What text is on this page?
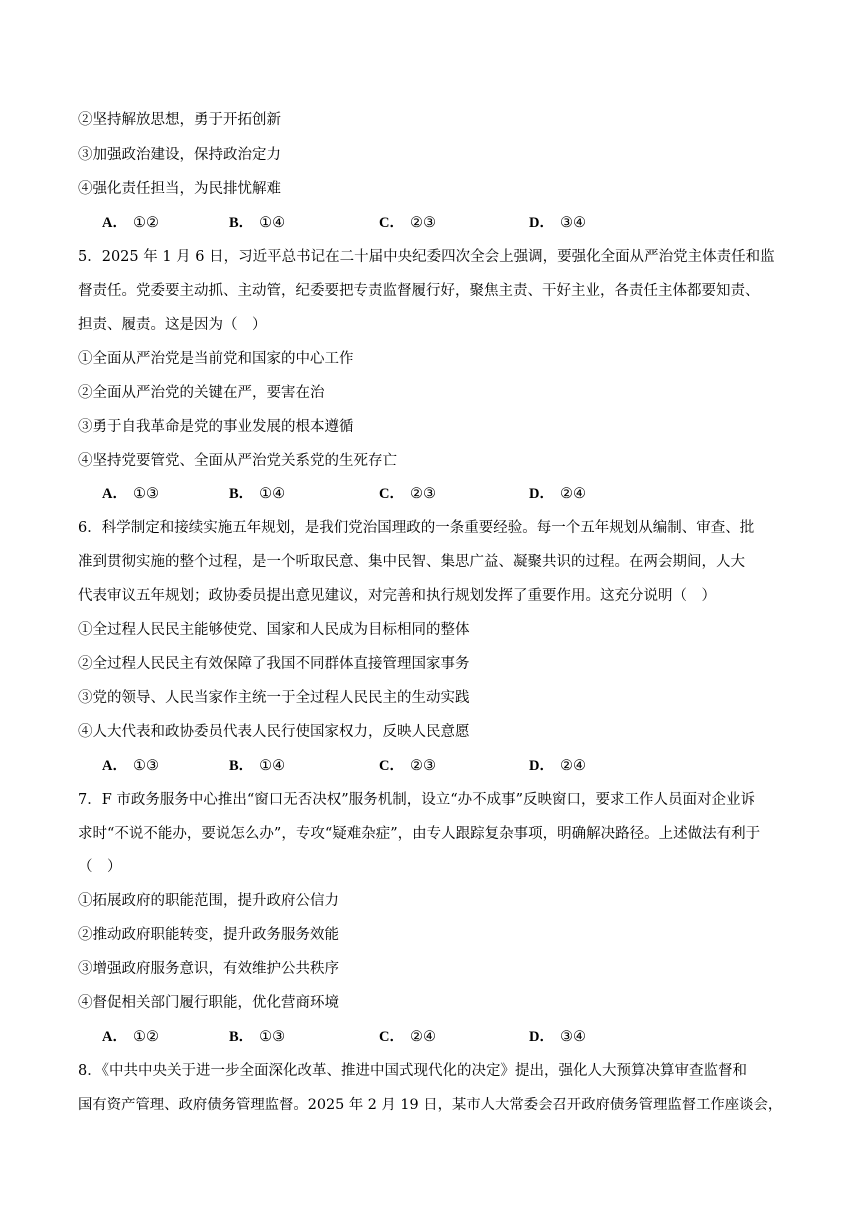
②坚持解放思想，勇于开拓创新
③加强政治建设，保持政治定力
④强化责任担当，为民排忧解难
A． ①②	B． ①④	C． ②③	D． ③④
5．2025 年 1 月 6 日，习近平总书记在二十届中央纪委四次全会上强调，要强化全面从严治党主体责任和监
督责任。党委要主动抓、主动管，纪委要把专责监督履行好，聚焦主责、干好主业，各责任主体都要知责、
担责、履责。这是因为（　）
①全面从严治党是当前党和国家的中心工作
②全面从严治党的关键在严，要害在治
③勇于自我革命是党的事业发展的根本遵循
④坚持党要管党、全面从严治党关系党的生死存亡
A． ①③	B． ①④	C． ②③	D． ②④
6．科学制定和接续实施五年规划，是我们党治国理政的一条重要经验。每一个五年规划从编制、审查、批
准到贯彻实施的整个过程，是一个听取民意、集中民智、集思广益、凝聚共识的过程。在两会期间，人大
代表审议五年规划；政协委员提出意见建议，对完善和执行规划发挥了重要作用。这充分说明（　）
①全过程人民民主能够使党、国家和人民成为目标相同的整体
②全过程人民民主有效保障了我国不同群体直接管理国家事务
③党的领导、人民当家作主统一于全过程人民民主的生动实践
④人大代表和政协委员代表人民行使国家权力，反映人民意愿
A． ①③	B． ①④	C． ②③	D． ②④
7．F 市政务服务中心推出“窗口无否决权”服务机制，设立“办不成事”反映窗口，要求工作人员面对企业诉
求时“不说不能办，要说怎么办”，专攻“疑难杂症”，由专人跟踪复杂事项，明确解决路径。上述做法有利于
（　）
①拓展政府的职能范围，提升政府公信力
②推动政府职能转变，提升政务服务效能
③增强政府服务意识，有效维护公共秩序
④督促相关部门履行职能，优化营商环境
A． ①②	B． ①③	C． ②④	D． ③④
8．《中共中央关于进一步全面深化改革、推进中国式现代化的决定》提出，强化人大预算决算审查监督和
国有资产管理、政府债务管理监督。2025 年 2 月 19 日，某市人大常委会召开政府债务管理监督工作座谈会，
